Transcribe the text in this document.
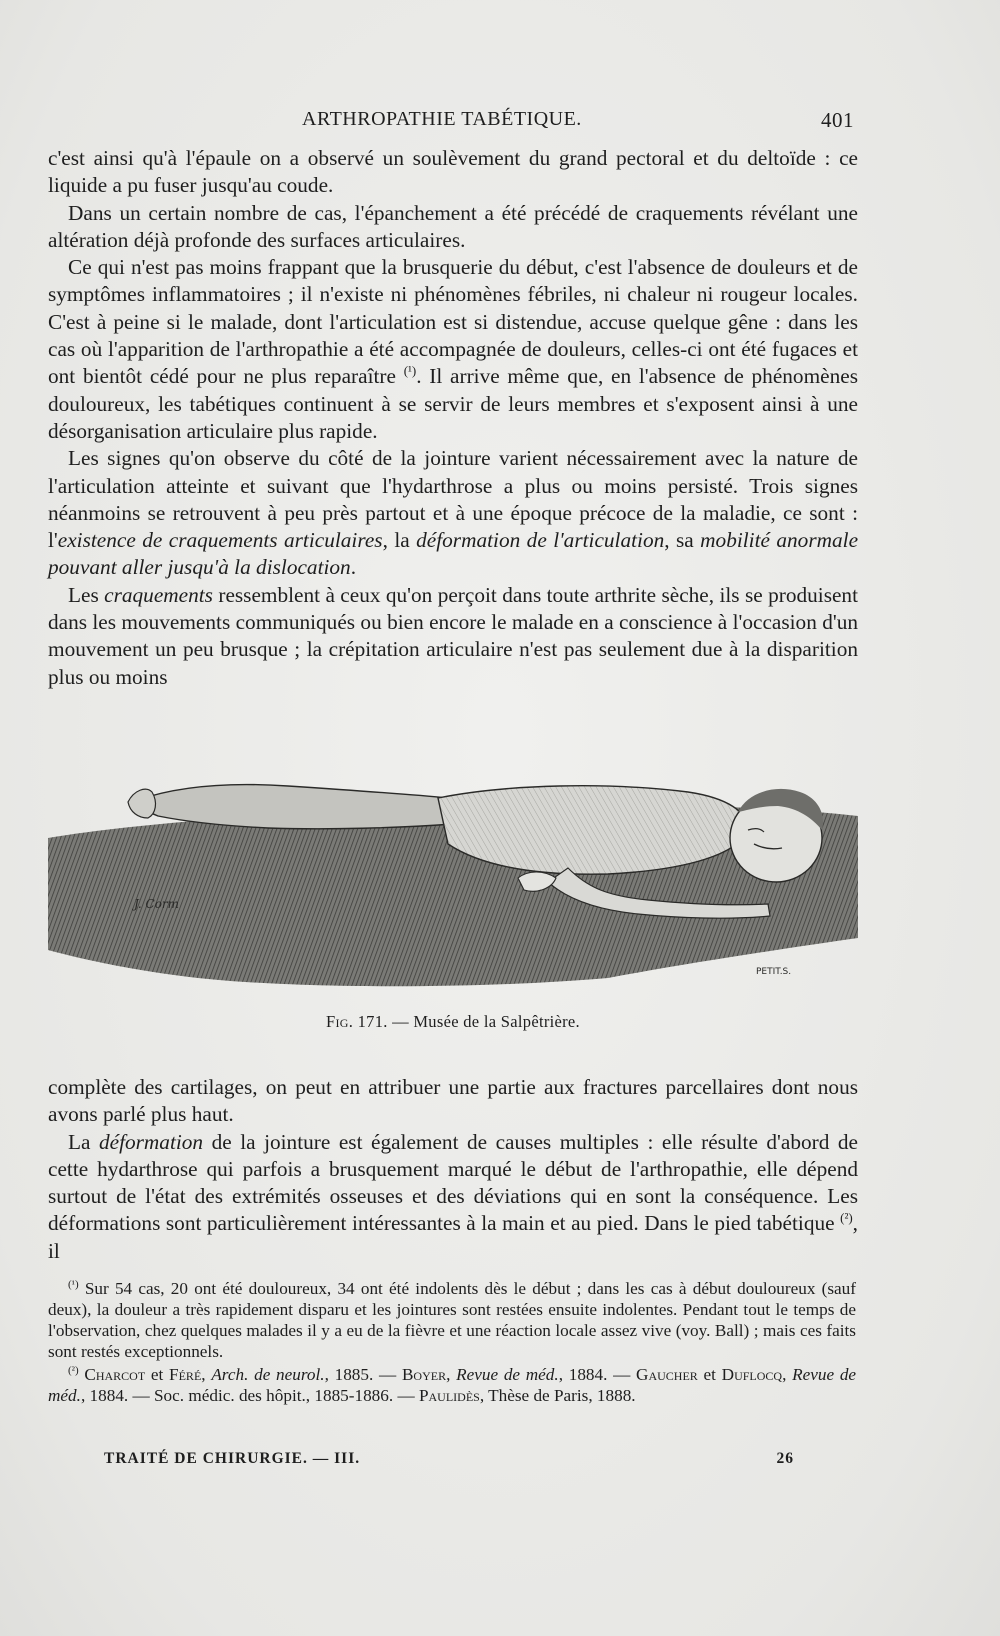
ARTHROPATHIE TABÉTIQUE.	401

c'est ainsi qu'à l'épaule on a observé un soulèvement du grand pectoral et du deltoïde : ce liquide a pu fuser jusqu'au coude.

Dans un certain nombre de cas, l'épanchement a été précédé de craquements révélant une altération déjà profonde des surfaces articulaires.

Ce qui n'est pas moins frappant que la brusquerie du début, c'est l'absence de douleurs et de symptômes inflammatoires ; il n'existe ni phénomènes fébriles, ni chaleur ni rougeur locales. C'est à peine si le malade, dont l'articulation est si distendue, accuse quelque gêne : dans les cas où l'apparition de l'arthropathie a été accompagnée de douleurs, celles-ci ont été fugaces et ont bientôt cédé pour ne plus reparaître $^{(^1)}$. Il arrive même que, en l'absence de phénomènes douloureux, les tabétiques continuent à se servir de leurs membres et s'exposent ainsi à une désorganisation articulaire plus rapide.

Les signes qu'on observe du côté de la jointure varient nécessairement avec la nature de l'articulation atteinte et suivant que l'hydarthrose a plus ou moins persisté. Trois signes néanmoins se retrouvent à peu près partout et à une époque précoce de la maladie, ce sont : l'existence de craquements articulaires, la déformation de l'articulation, sa mobilité anormale pouvant aller jusqu'à la dislocation.

Les craquements ressemblent à ceux qu'on perçoit dans toute arthrite sèche, ils se produisent dans les mouvements communiqués ou bien encore le malade en a conscience à l'occasion d'un mouvement un peu brusque ; la crépitation articulaire n'est pas seulement due à la disparition plus ou moins

J. Corm
PETIT.S.
Fig. 171. — Musée de la Salpêtrière.

complète des cartilages, on peut en attribuer une partie aux fractures parcellaires dont nous avons parlé plus haut.

La déformation de la jointure est également de causes multiples : elle résulte d'abord de cette hydarthrose qui parfois a brusquement marqué le début de l'arthropathie, elle dépend surtout de l'état des extrémités osseuses et des déviations qui en sont la conséquence. Les déformations sont particulièrement intéressantes à la main et au pied. Dans le pied tabétique $^{(^2)}$, il

$^{(^1)}$ Sur 54 cas, 20 ont été douloureux, 34 ont été indolents dès le début ; dans les cas à début douloureux (sauf deux), la douleur a très rapidement disparu et les jointures sont restées ensuite indolentes. Pendant tout le temps de l'observation, chez quelques malades il y a eu de la fièvre et une réaction locale assez vive (voy. Ball) ; mais ces faits sont restés exceptionnels.

$^{(^2)}$ Charcot et Féré, Arch. de neurol., 1885. — Boyer, Revue de méd., 1884. — Gaucher et Duflocq, Revue de méd., 1884. — Soc. médic. des hôpit., 1885-1886. — Paulidès, Thèse de Paris, 1888.

TRAITÉ DE CHIRURGIE. — III.	26
